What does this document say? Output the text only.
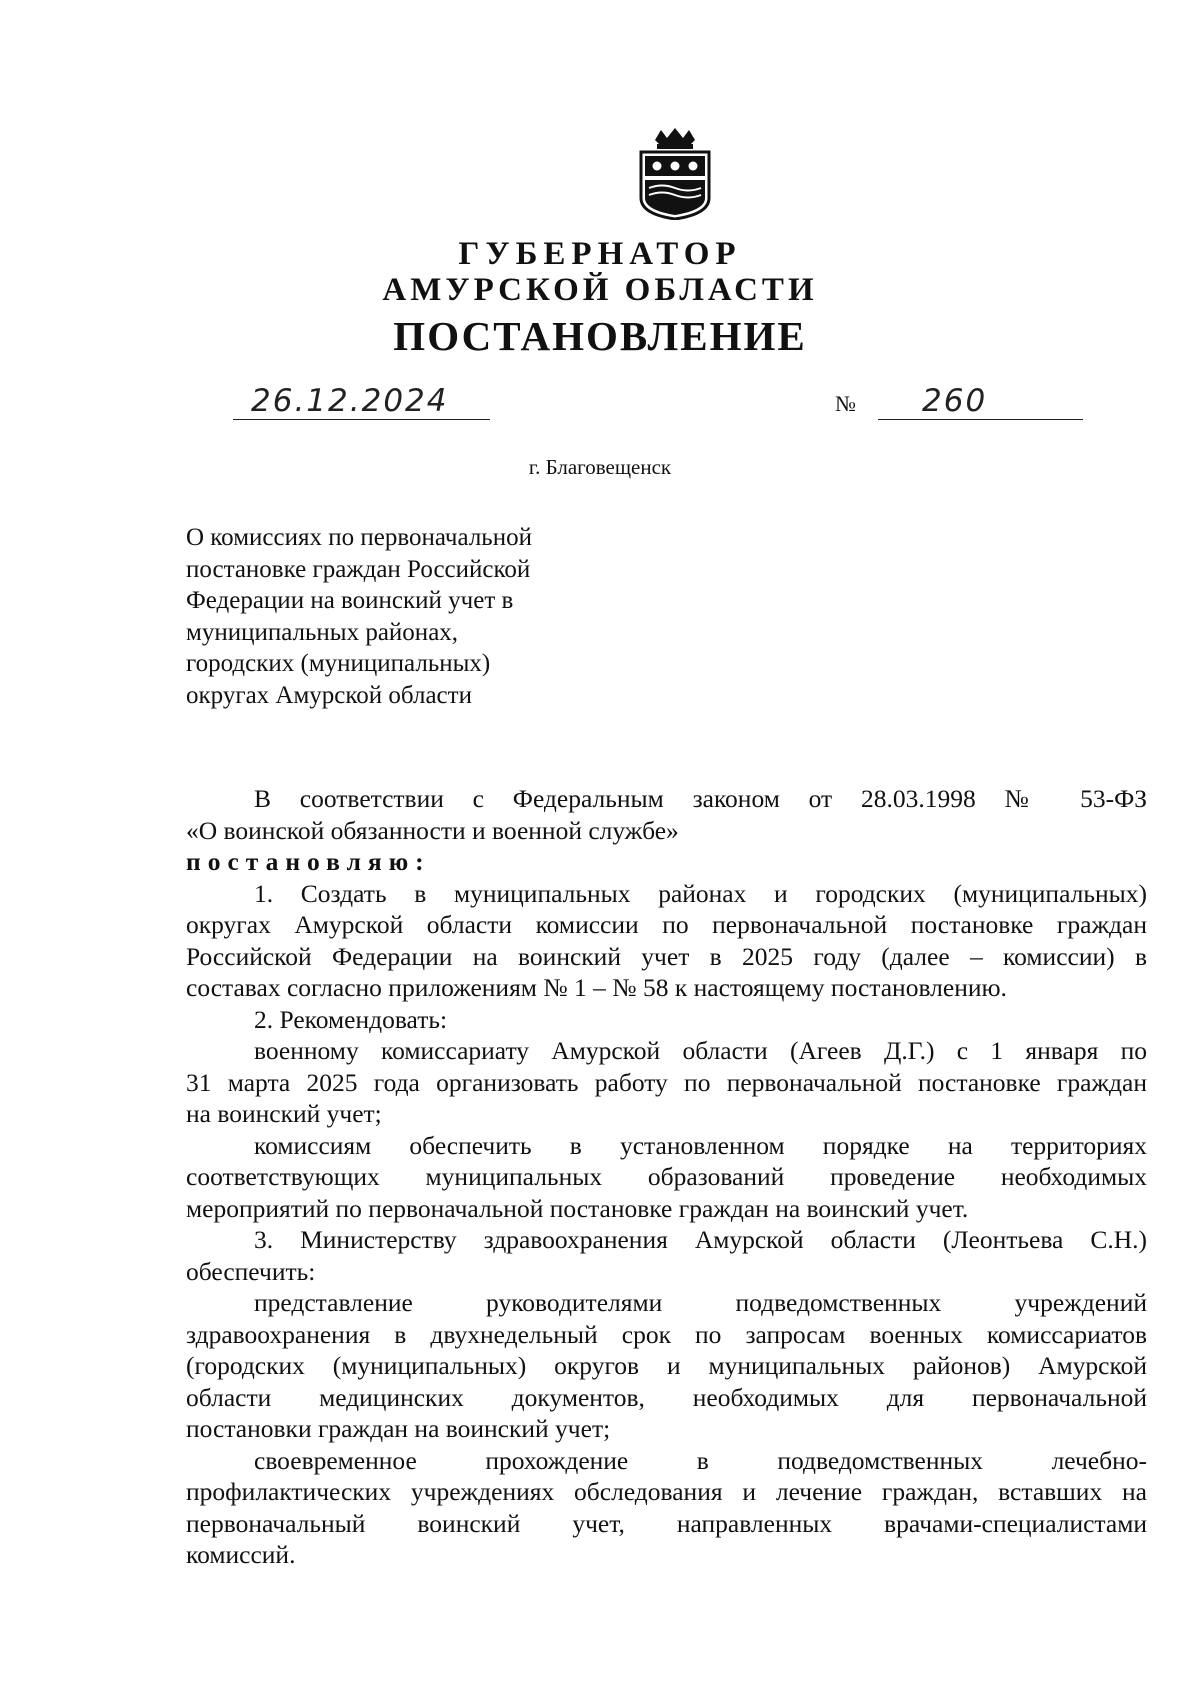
ГУБЕРНАТОР
АМУРСКОЙ ОБЛАСТИ
ПОСТАНОВЛЕНИЕ
26.12.2024	№ 260
г. Благовещенск
О комиссиях по первоначальной
постановке граждан Российской
Федерации на воинский учет в
муниципальных районах,
городских (муниципальных)
округах Амурской области
В соответствии с Федеральным законом от 28.03.1998 № 53-ФЗ
«О воинской обязанности и военной службе»
постановляю:
1. Создать в муниципальных районах и городских (муниципальных)
округах Амурской области комиссии по первоначальной постановке граждан
Российской Федерации на воинский учет в 2025 году (далее – комиссии) в
составах согласно приложениям № 1 – № 58 к настоящему постановлению.
2. Рекомендовать:
военному комиссариату Амурской области (Агеев Д.Г.) с 1 января по
31 марта 2025 года организовать работу по первоначальной постановке граждан
на воинский учет;
комиссиям обеспечить в установленном порядке на территориях
соответствующих муниципальных образований проведение необходимых
мероприятий по первоначальной постановке граждан на воинский учет.
3. Министерству здравоохранения Амурской области (Леонтьева С.Н.)
обеспечить:
представление руководителями подведомственных учреждений
здравоохранения в двухнедельный срок по запросам военных комиссариатов
(городских (муниципальных) округов и муниципальных районов) Амурской
области медицинских документов, необходимых для первоначальной
постановки граждан на воинский учет;
своевременное прохождение в подведомственных лечебно-
профилактических учреждениях обследования и лечение граждан, вставших на
первоначальный воинский учет, направленных врачами-специалистами
комиссий.
